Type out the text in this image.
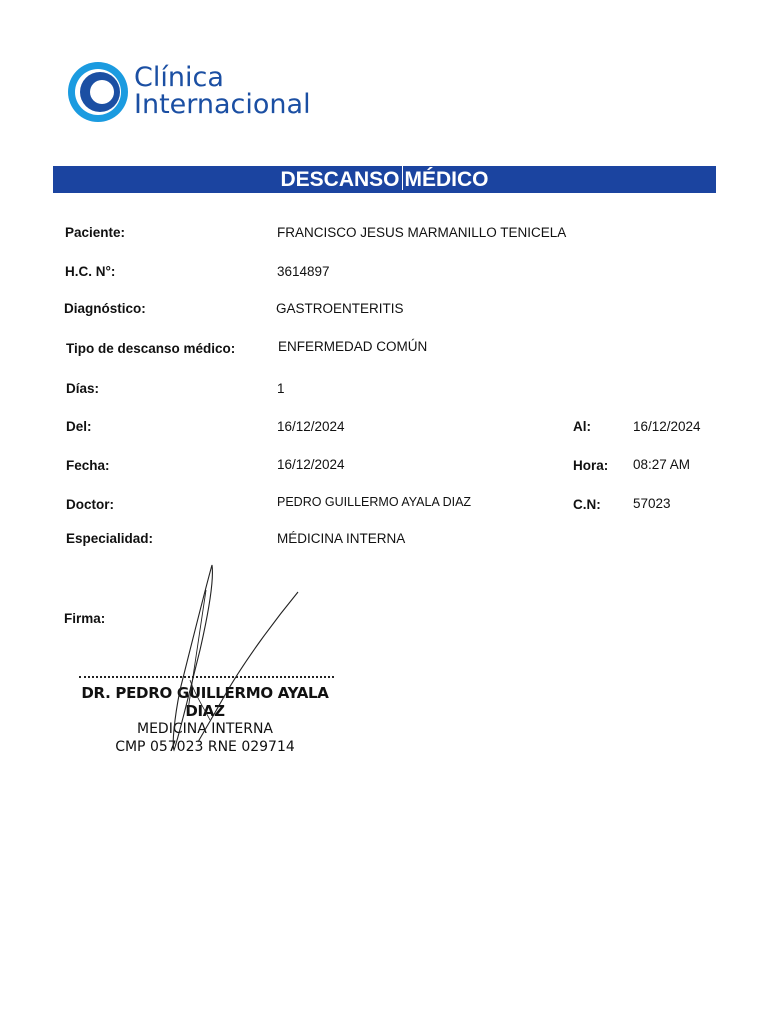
Clínica
Internacional
DESCANSO MÉDICO
Paciente:	FRANCISCO JESUS MARMANILLO TENICELA
H.C. N°:	3614897
Diagnóstico:	GASTROENTERITIS
Tipo de descanso médico:	ENFERMEDAD COMÚN
Días:	1
Del:	16/12/2024	Al:	16/12/2024
Fecha:	16/12/2024	Hora: 08:27 AM
Doctor:	PEDRO GUILLERMO AYALA DIAZ	C.N: 57023
Especialidad:	MÉDICINA INTERNA
Firma:
DR. PEDRO GUILLERMO AYALA DIAZ
MEDICINA INTERNA
CMP 057023 RNE 029714
